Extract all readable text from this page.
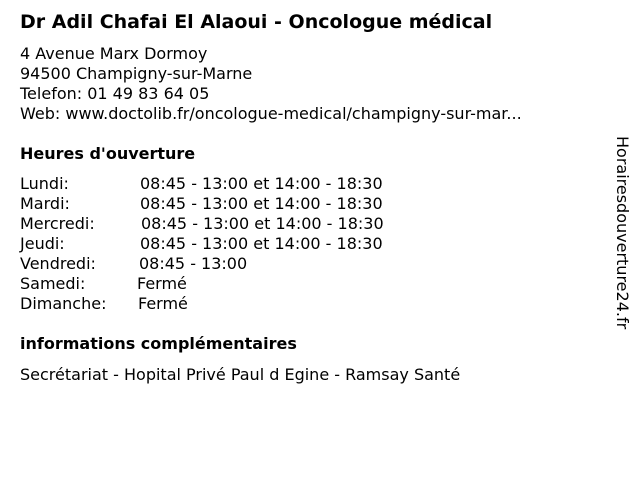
Dr Adil Chafai El Alaoui - Oncologue médical
4 Avenue Marx Dormoy
94500 Champigny-sur-Marne
Telefon: 01 49 83 64 05
Web: www.doctolib.fr/oncologue-medical/champigny-sur-mar...
Heures d'ouverture
Lundi:	08:45 - 13:00 et 14:00 - 18:30
Mardi:	08:45 - 13:00 et 14:00 - 18:30
Mercredi:	08:45 - 13:00 et 14:00 - 18:30
Jeudi:	08:45 - 13:00 et 14:00 - 18:30
Vendredi:	08:45 - 13:00
Samedi:	Fermé
Dimanche: Fermé
informations complémentaires
Secrétariat - Hopital Privé Paul d Egine - Ramsay Santé
Horairesdouverture24.fr
